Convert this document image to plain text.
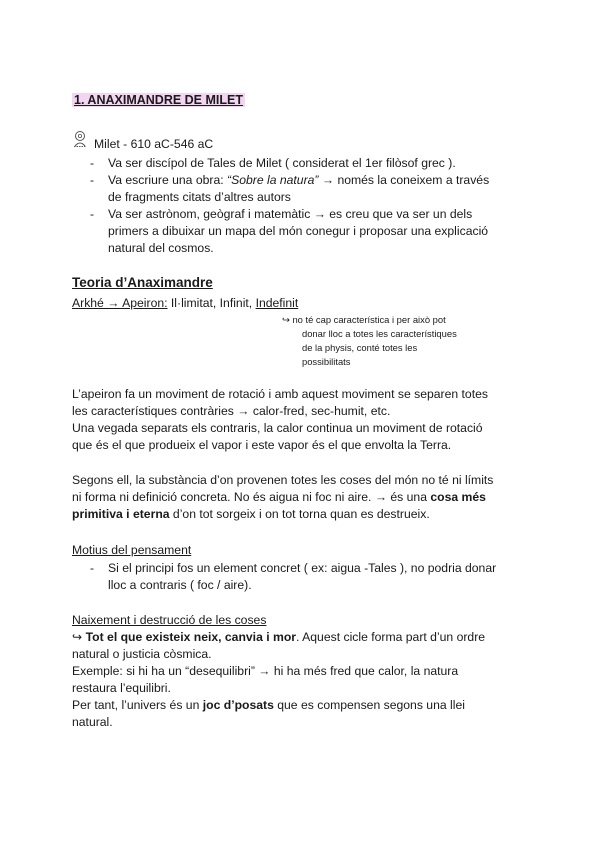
1. ANAXIMANDRE DE MILET
Milet - 610 aC-546 aC
- Va ser discípol de Tales de Milet ( considerat el 1er filòsof grec ).
- Va escriure una obra: “Sobre la natura” → només la coneixem a través
de fragments citats d’altres autors
- Va ser astrònom, geògraf i matemàtic → es creu que va ser un dels
primers a dibuixar un mapa del món conegur i proposar una explicació
natural del cosmos.
Teoria d’Anaximandre
Arkhé → Apeiron: Il·limitat, Infinit, Indefinit
↪ no té cap característica i per això pot
donar lloc a totes les característiques
de la physis, conté totes les
possibilitats
L’apeiron fa un moviment de rotació i amb aquest moviment se separen totes
les característiques contràries → calor-fred, sec-humit, etc.
Una vegada separats els contraris, la calor continua un moviment de rotació
que és el que produeix el vapor i este vapor és el que envolta la Terra.
Segons ell, la substància d’on provenen totes les coses del món no té ni límits
ni forma ni definició concreta. No és aigua ni foc ni aire. → és una cosa més
primitiva i eterna d’on tot sorgeix i on tot torna quan es destrueix.
Motius del pensament
- Si el principi fos un element concret ( ex: aigua -Tales ), no podria donar
lloc a contraris ( foc / aire).
Naixement i destrucció de les coses
↪ Tot el que existeix neix, canvia i mor. Aquest cicle forma part d’un ordre
natural o justicia còsmica.
Exemple: si hi ha un “desequilibri” → hi ha més fred que calor, la natura
restaura l’equilibri.
Per tant, l’univers és un joc d’posats que es compensen segons una llei
natural.
